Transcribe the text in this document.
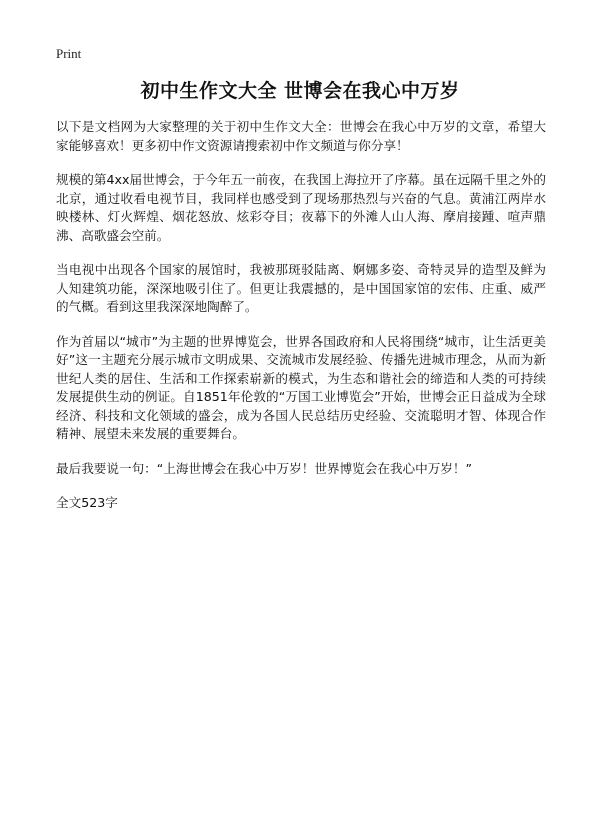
Print
初中生作文大全 世博会在我心中万岁

以下是文档网为大家整理的关于初中生作文大全：世博会在我心中万岁的文章，希望大家能够喜欢！更多初中作文资源请搜索初中作文频道与你分享！

规模的第4xx届世博会，于今年五一前夜，在我国上海拉开了序幕。虽在远隔千里之外的北京，通过收看电视节目，我同样也感受到了现场那热烈与兴奋的气息。黄浦江两岸水映楼林、灯火辉煌、烟花怒放、炫彩夺目；夜幕下的外滩人山人海、摩肩接踵、喧声鼎沸、高歌盛会空前。

当电视中出现各个国家的展馆时，我被那斑驳陆离、婀娜多姿、奇特灵异的造型及鲜为人知建筑功能，深深地吸引住了。但更让我震撼的，是中国国家馆的宏伟、庄重、威严的气概。看到这里我深深地陶醉了。

作为首届以“城市”为主题的世界博览会，世界各国政府和人民将围绕“城市，让生活更美好”这一主题充分展示城市文明成果、交流城市发展经验、传播先进城市理念，从而为新世纪人类的居住、生活和工作探索崭新的模式，为生态和谐社会的缔造和人类的可持续发展提供生动的例证。自1851年伦敦的“万国工业博览会”开始，世博会正日益成为全球经济、科技和文化领域的盛会，成为各国人民总结历史经验、交流聪明才智、体现合作精神、展望未来发展的重要舞台。

最后我要说一句：“上海世博会在我心中万岁！世界博览会在我心中万岁！”

全文523字
